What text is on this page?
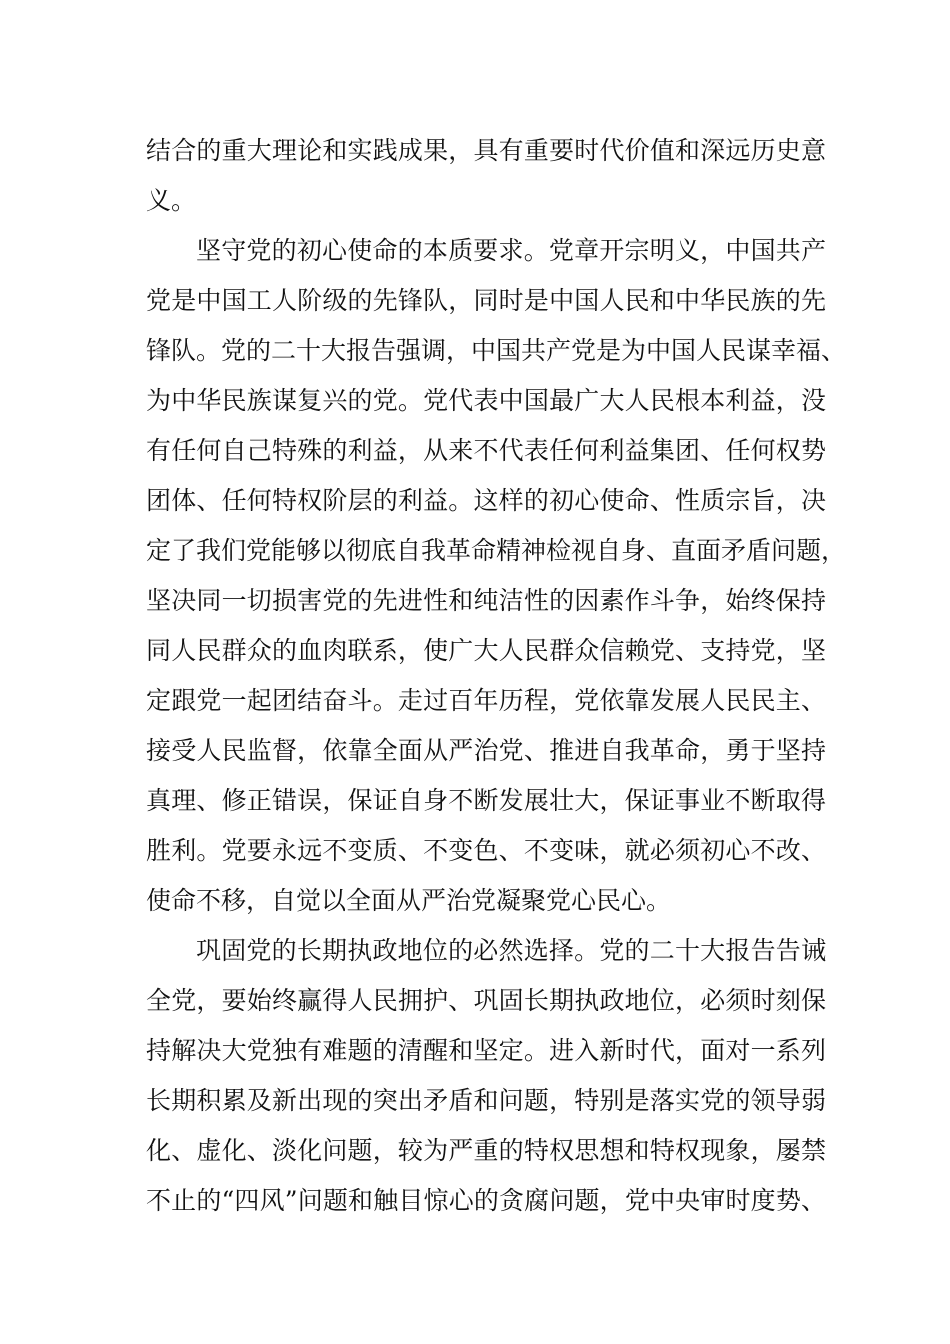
结合的重大理论和实践成果，具有重要时代价值和深远历史意
义。
坚守党的初心使命的本质要求。党章开宗明义，中国共产
党是中国工人阶级的先锋队，同时是中国人民和中华民族的先
锋队。党的二十大报告强调，中国共产党是为中国人民谋幸福、
为中华民族谋复兴的党。党代表中国最广大人民根本利益，没
有任何自己特殊的利益，从来不代表任何利益集团、任何权势
团体、任何特权阶层的利益。这样的初心使命、性质宗旨，决
定了我们党能够以彻底自我革命精神检视自身、直面矛盾问题，
坚决同一切损害党的先进性和纯洁性的因素作斗争，始终保持
同人民群众的血肉联系，使广大人民群众信赖党、支持党，坚
定跟党一起团结奋斗。走过百年历程，党依靠发展人民民主、
接受人民监督，依靠全面从严治党、推进自我革命，勇于坚持
真理、修正错误，保证自身不断发展壮大，保证事业不断取得
胜利。党要永远不变质、不变色、不变味，就必须初心不改、
使命不移，自觉以全面从严治党凝聚党心民心。
巩固党的长期执政地位的必然选择。党的二十大报告告诫
全党，要始终赢得人民拥护、巩固长期执政地位，必须时刻保
持解决大党独有难题的清醒和坚定。进入新时代，面对一系列
长期积累及新出现的突出矛盾和问题，特别是落实党的领导弱
化、虚化、淡化问题，较为严重的特权思想和特权现象，屡禁
不止的“四风”问题和触目惊心的贪腐问题，党中央审时度势、
